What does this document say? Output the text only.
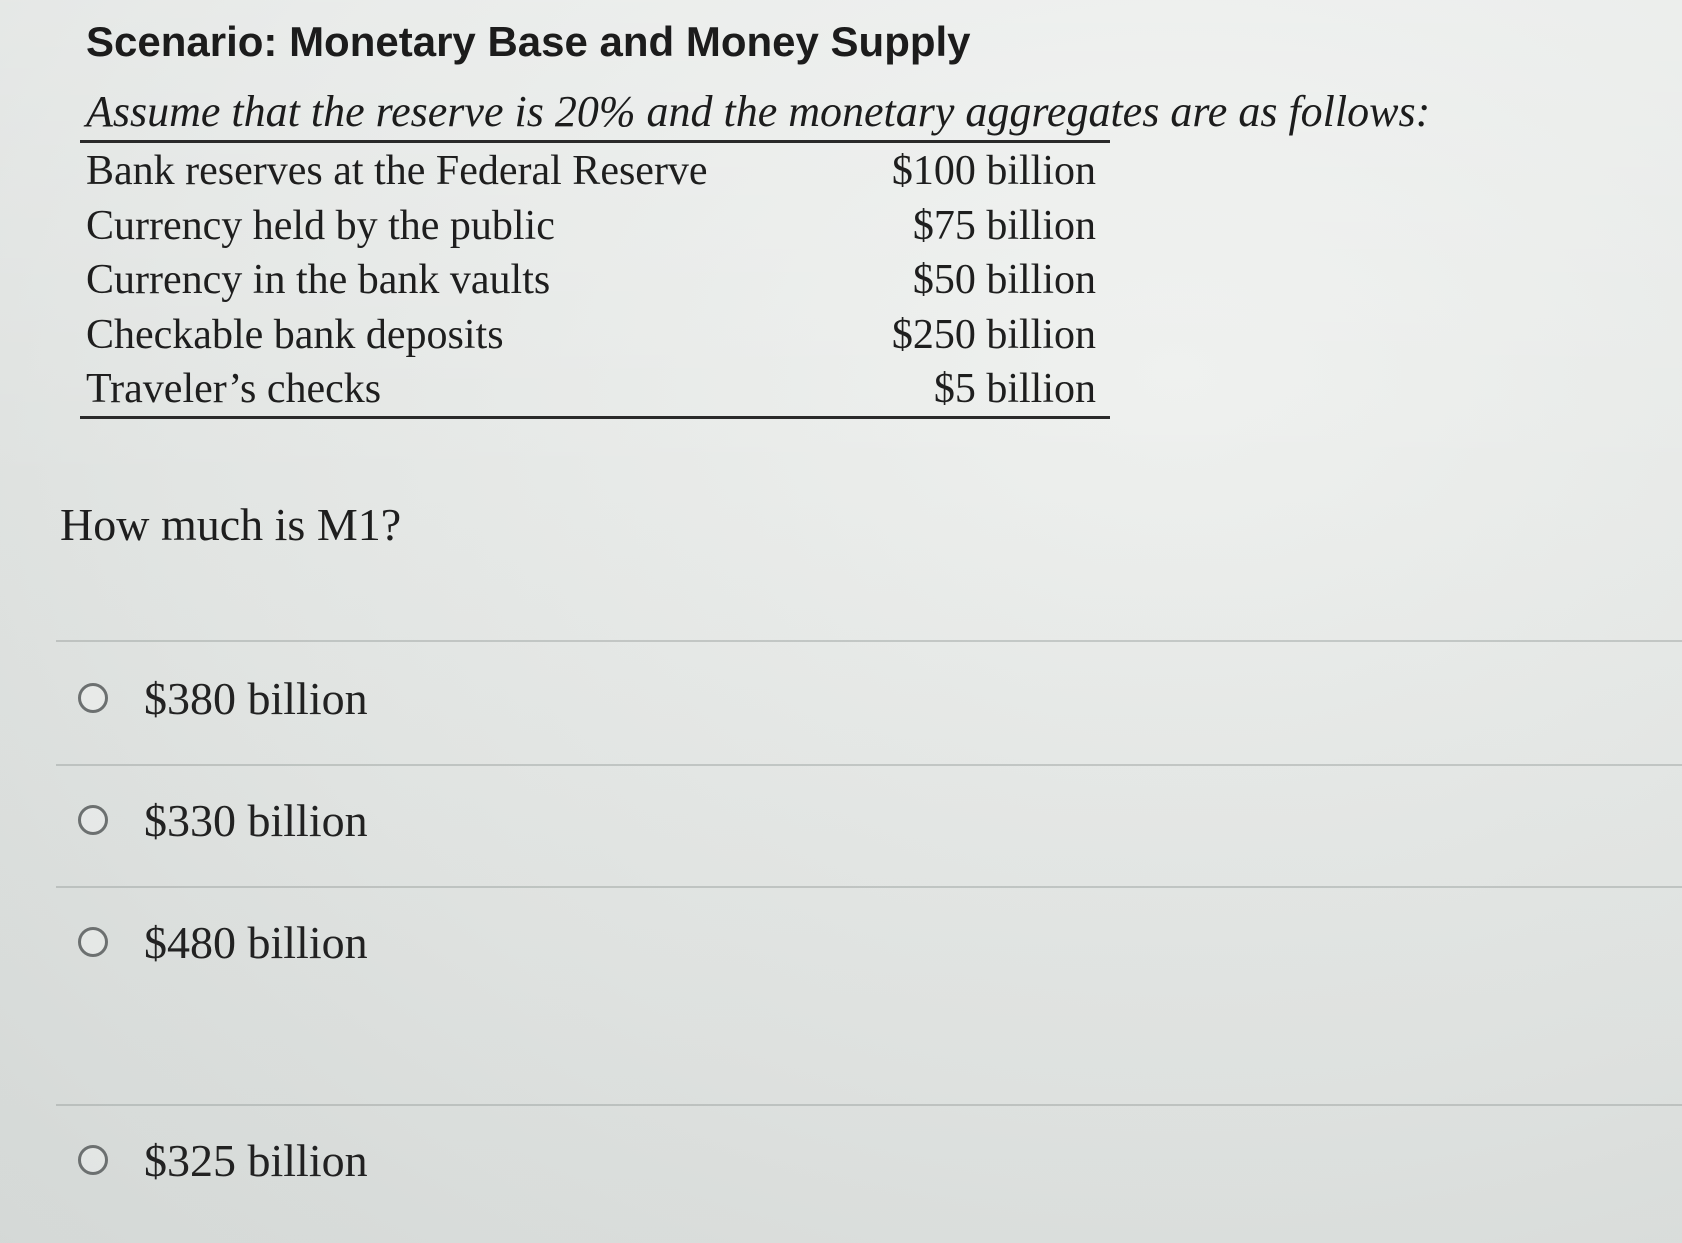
Scenario: Monetary Base and Money Supply
Assume that the reserve is 20% and the monetary aggregates are as follows:
Bank reserves at the Federal Reserve	$100 billion
Currency held by the public	$75 billion
Currency in the bank vaults	$50 billion
Checkable bank deposits	$250 billion
Traveler’s checks	$5 billion
How much is M1?
$380 billion
$330 billion
$480 billion
$325 billion
